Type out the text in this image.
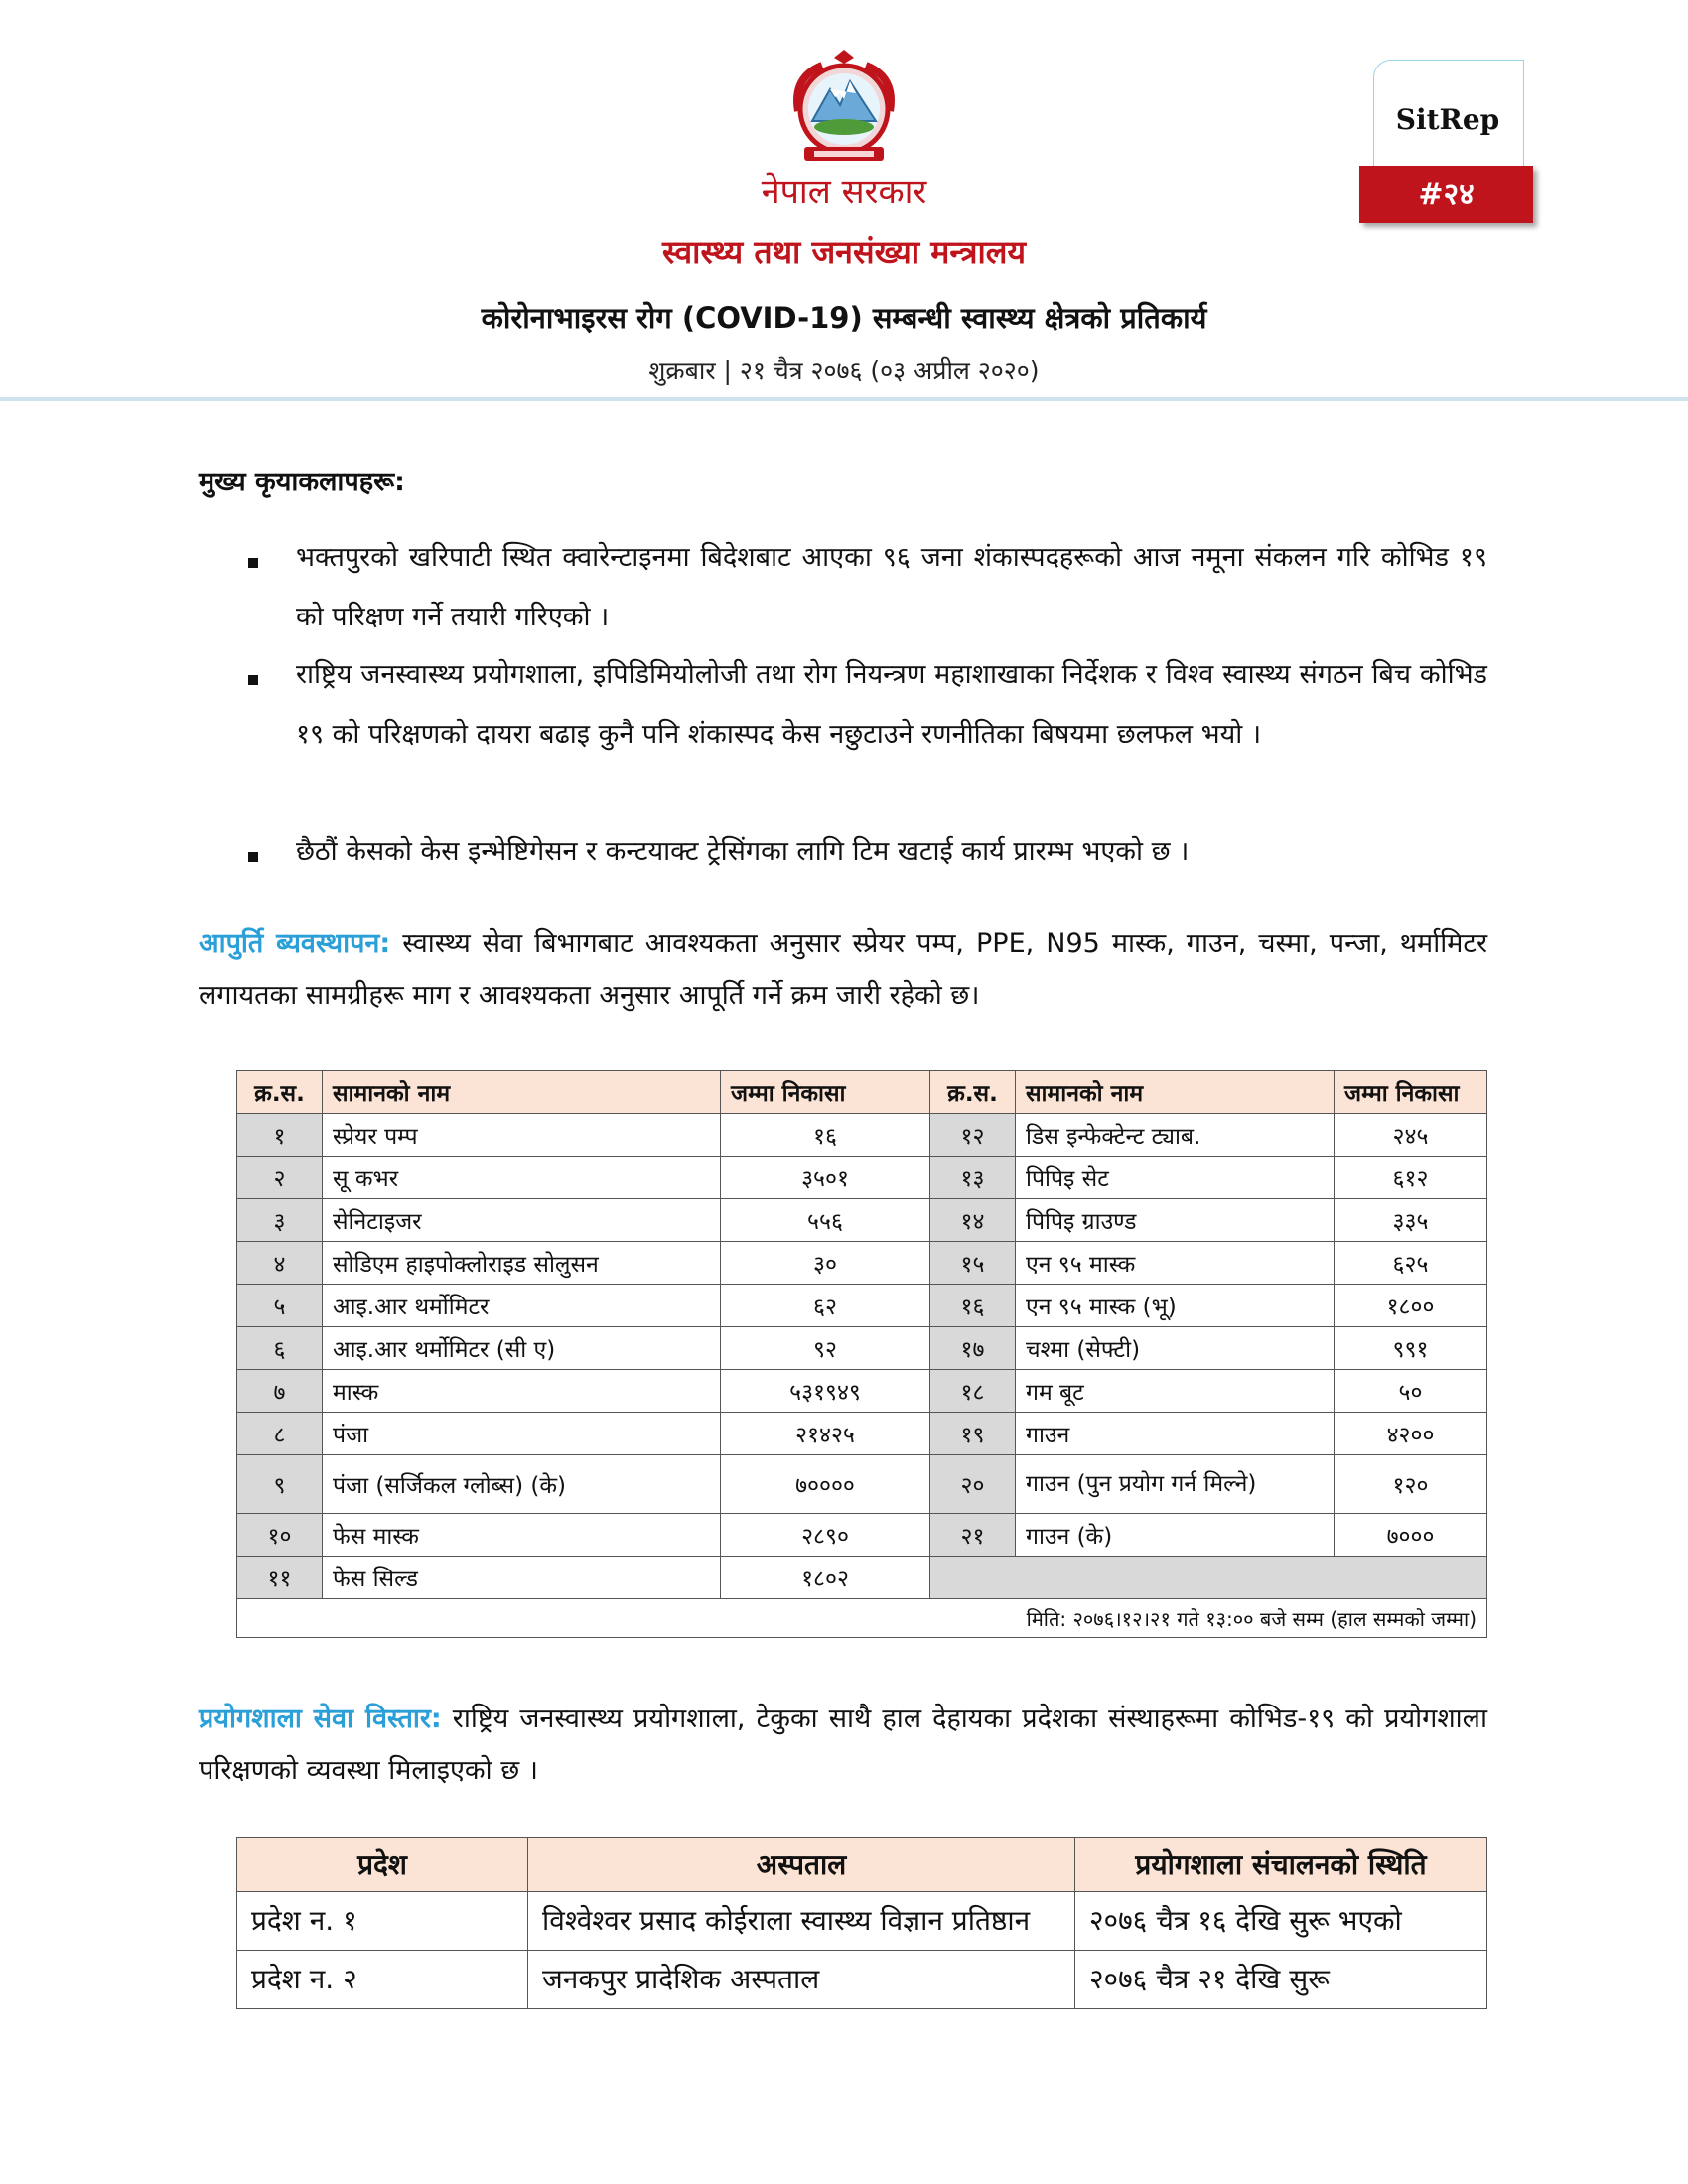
नेपाल सरकार
स्वास्थ्य तथा जनसंख्या मन्त्रालय
कोरोनाभाइरस रोग (COVID-19) सम्बन्धी स्वास्थ्य क्षेत्रको प्रतिकार्य
शुक्रबार | २१ चैत्र २०७६ (०३ अप्रील २०२०)
SitRep
#२४
मुख्य कृयाकलापहरू:
भक्तपुरको खरिपाटी स्थित क्वारेन्टाइनमा बिदेशबाट आएका ९६ जना शंकास्पदहरूको आज नमूना संकलन गरि कोभिड १९ को परिक्षण गर्ने तयारी गरिएको ।
राष्ट्रिय जनस्वास्थ्य प्रयोगशाला, इपिडिमियोलोजी तथा रोग नियन्त्रण महाशाखाका निर्देशक र विश्व स्वास्थ्य संगठन बिच कोभिड १९ को परिक्षणको दायरा बढाइ कुनै पनि शंकास्पद केस नछुटाउने रणनीतिका बिषयमा छलफल भयो ।
छैठौं केसको केस इन्भेष्टिगेसन र कन्टयाक्ट ट्रेसिंगका लागि टिम खटाई कार्य प्रारम्भ भएको छ ।
आपुर्ति ब्यवस्थापन: स्वास्थ्य सेवा बिभागबाट आवश्यकता अनुसार स्प्रेयर पम्प, PPE, N95 मास्क, गाउन, चस्मा, पन्जा, थर्मामिटर लगायतका सामग्रीहरू माग र आवश्यकता अनुसार आपूर्ति गर्ने क्रम जारी रहेको छ।
क्र.स.	सामानको नाम	जम्मा निकासा	क्र.स.	सामानको नाम	जम्मा निकासा
१	स्प्रेयर पम्प	१६	१२	डिस इन्फेक्टेन्ट ट्याब.	२४५
२	सू कभर	३५०१	१३	पिपिइ सेट	६१२
३	सेनिटाइजर	५५६	१४	पिपिइ ग्राउण्ड	३३५
४	सोडिएम हाइपोक्लोराइड सोलुसन	३०	१५	एन ९५ मास्क	६२५
५	आइ.आर थर्मोमिटर	६२	१६	एन ९५ मास्क (भू)	१८००
६	आइ.आर थर्मोमिटर (सी ए)	९२	१७	चश्मा (सेफ्टी)	९९१
७	मास्क	५३१९४९	१८	गम बूट	५०
८	पंजा	२१४२५	१९	गाउन	४२००
९	पंजा (सर्जिकल ग्लोब्स) (के)	७००००	२०	गाउन (पुन प्रयोग गर्न मिल्ने)	१२०
१०	फेस मास्क	२८९०	२१	गाउन (के)	७०००
११	फेस सिल्ड	१८०२			
मिति: २०७६।१२।२१ गते १३:०० बजे सम्म (हाल सम्मको जम्मा)					
प्रयोगशाला सेवा विस्तार: राष्ट्रिय जनस्वास्थ्य प्रयोगशाला, टेकुका साथै हाल देहायका प्रदेशका संस्थाहरूमा कोभिड-१९ को प्रयोगशाला परिक्षणको व्यवस्था मिलाइएको छ ।
प्रदेश	अस्पताल	प्रयोगशाला संचालनको स्थिति
प्रदेश न. १	विश्वेश्वर प्रसाद कोईराला स्वास्थ्य विज्ञान प्रतिष्ठान	२०७६ चैत्र १६ देखि सुरू भएको
प्रदेश न. २	जनकपुर प्रादेशिक अस्पताल	२०७६ चैत्र २१ देखि सुरू
